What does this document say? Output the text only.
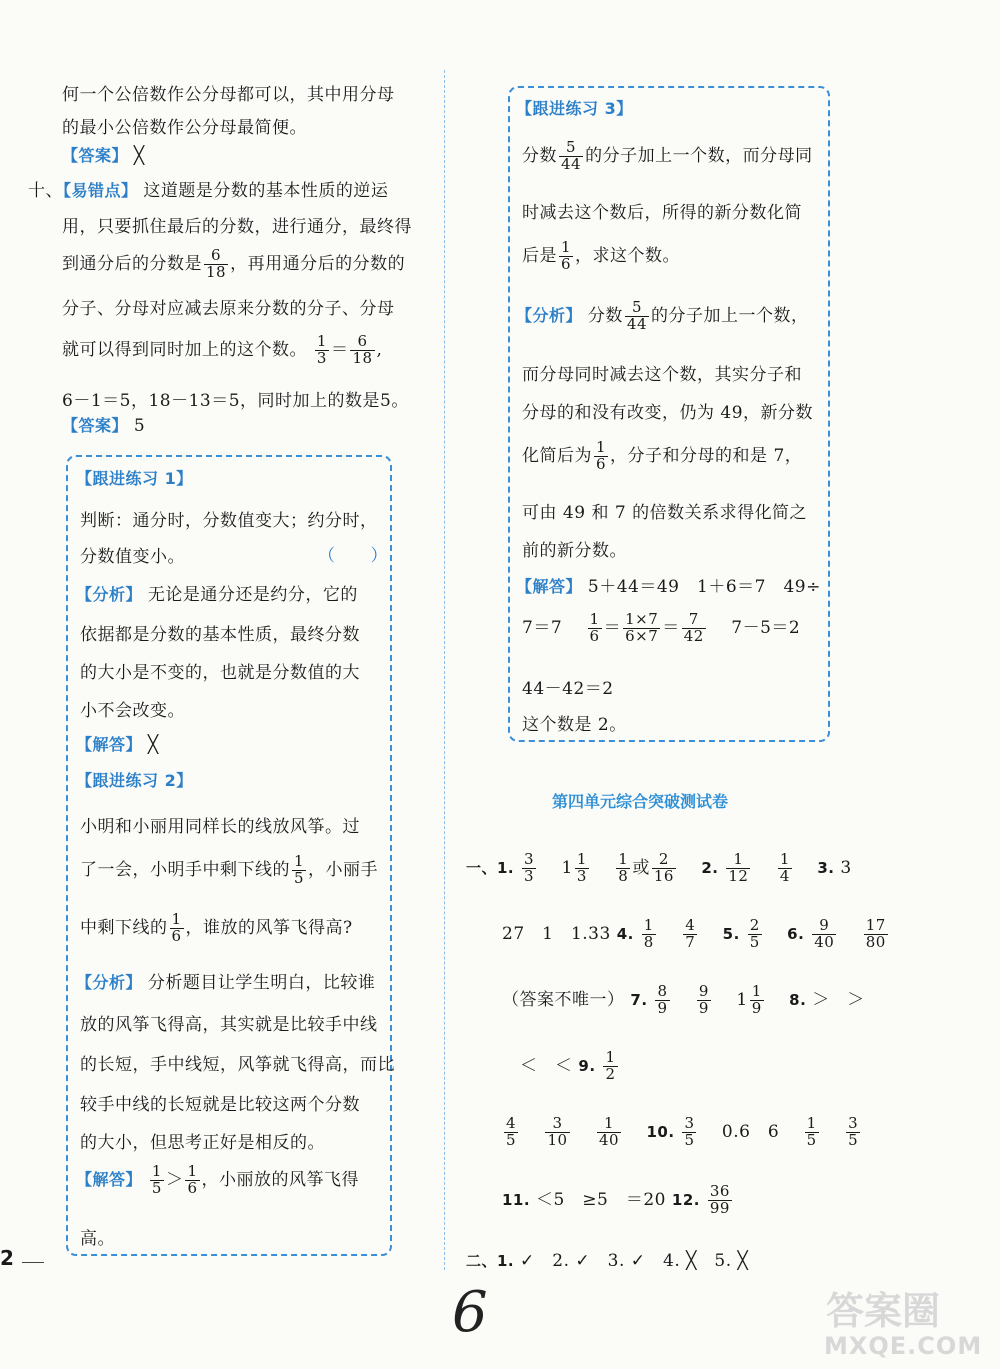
何一个公倍数作公分母都可以，其中用分母
的最小公倍数作公分母最简便。
【答案】 ╳
十、【易错点】 这道题是分数的基本性质的逆运
用，只要抓住最后的分数，进行通分，最终得
到通分后的分数是 $\frac{6}{18}$ ，再用通分后的分数的
分子、分母对应减去原来分数的分子、分母
就可以得到同时加上的这个数。 $\frac{1}{3} = \frac{6}{18}$ ,
6－1＝5，18－13＝5，同时加上的数是5。
【答案】 5
【跟进练习 1】
判断：通分时，分数值变大；约分时，
分数值变小。	（　　）
【分析】 无论是通分还是约分，它的
依据都是分数的基本性质，最终分数
的大小是不变的，也就是分数值的大
小不会改变。
【解答】 ╳
【跟进练习 2】
小明和小丽用同样长的线放风筝。过
了一会，小明手中剩下线的 $\frac{1}{5}$ ，小丽手
中剩下线的 $\frac{1}{6}$ ，谁放的风筝飞得高?
【分析】 分析题目让学生明白，比较谁
放的风筝飞得高，其实就是比较手中线
的长短，手中线短，风筝就飞得高，而比
较手中线的长短就是比较这两个分数
的大小，但思考正好是相反的。
【解答】 $\frac{1}{5} > \frac{1}{6}$ ，小丽放的风筝飞得
高。
2
【跟进练习 3】
分数 $\frac{5}{44}$ 的分子加上一个数，而分母同
时减去这个数后，所得的新分数化简
后是 $\frac{1}{6}$ ，求这个数。
【分析】 分数 $\frac{5}{44}$ 的分子加上一个数，
而分母同时减去这个数，其实分子和
分母的和没有改变，仍为 49，新分数
化简后为 $\frac{1}{6}$ ，分子和分母的和是 7，
可由 49 和 7 的倍数关系求得化简之
前的新分数。
【解答】 5＋44＝49　1＋6＝7　49÷
7＝7　 $\frac{1}{6} = \frac{1\times 7}{6\times 7} = \frac{7}{42}$
　 7－5＝2
44－42＝2
这个数是 2。
第四单元综合突破测试卷
一、1. $\frac{3}{3}$
　 $1 \frac{1}{3}$
　 $\frac{1}{8}$ 或 $\frac{2}{16}$
　 2. $\frac{1}{12}$
　 $\frac{1}{4}$
　 3. 3
27　1　1.33 4. $\frac{1}{8}$
　 $\frac{4}{7}$
　 5. $\frac{2}{5}$
　 6. $\frac{9}{40}$
　 $\frac{17}{80}$
（答案不唯一） 7. $\frac{8}{9}$
　 $\frac{9}{9}$
　 $1 \frac{1}{9}$
　 8. ＞　＞
＜　＜ 9. $\frac{1}{2}$
$\frac{4}{5}$
　 $\frac{3}{10}$
　 $\frac{1}{40}$
　 10. $\frac{3}{5}$
　 0.6　6　 $\frac{1}{5}$
　 $\frac{3}{5}$
11. ＜5　≥5　＝20 12. $\frac{36}{99}$
二、1. ✓　2. ✓　3. ✓　4. ╳　5. ╳
6	答案圈
MXQE.COM
